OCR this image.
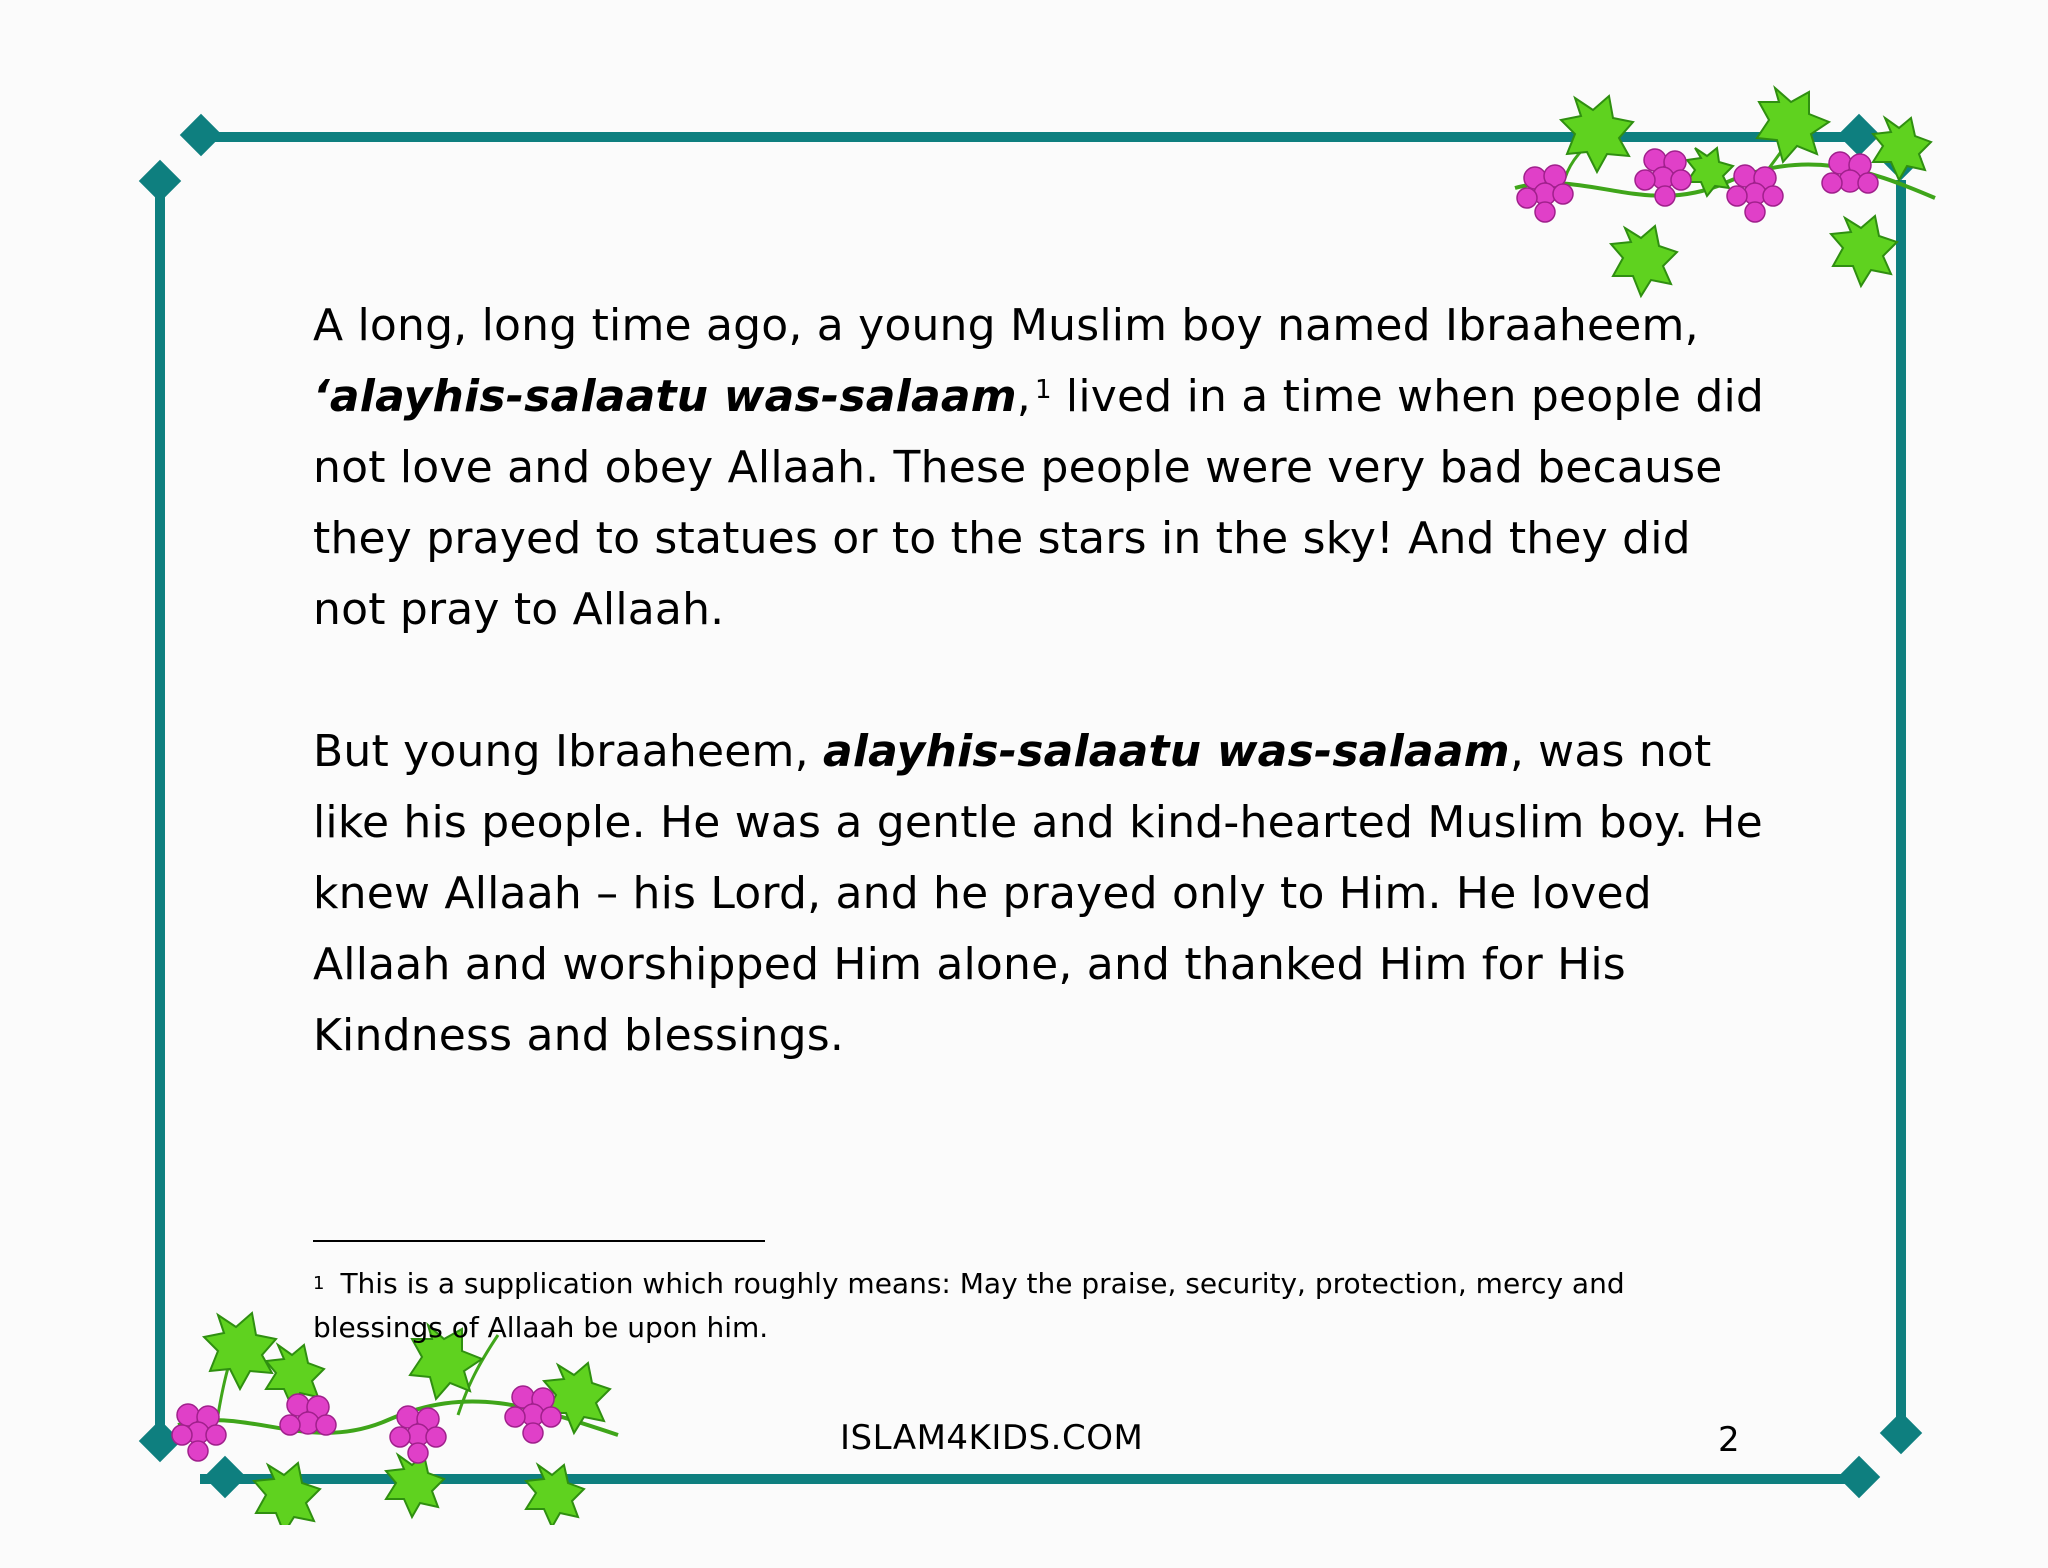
A long, long time ago, a young Muslim boy named Ibraaheem,
‘alayhis-salaatu was-salaam, $^1$ lived in a time when people did not love and obey Allaah. These people were very bad because they prayed to statues or to the stars in the sky! And they did not pray to Allaah.

But young Ibraaheem, alayhis-salaatu was-salaam, was not like his people. He was a gentle and kind-hearted Muslim boy. He knew Allaah – his Lord, and he prayed only to Him. He loved Allaah and worshipped Him alone, and thanked Him for His Kindness and blessings.

$^1$ This is a supplication which roughly means: May the praise, security, protection, mercy and blessings of Allaah be upon him.

ISLAM4KIDS.COM	2
